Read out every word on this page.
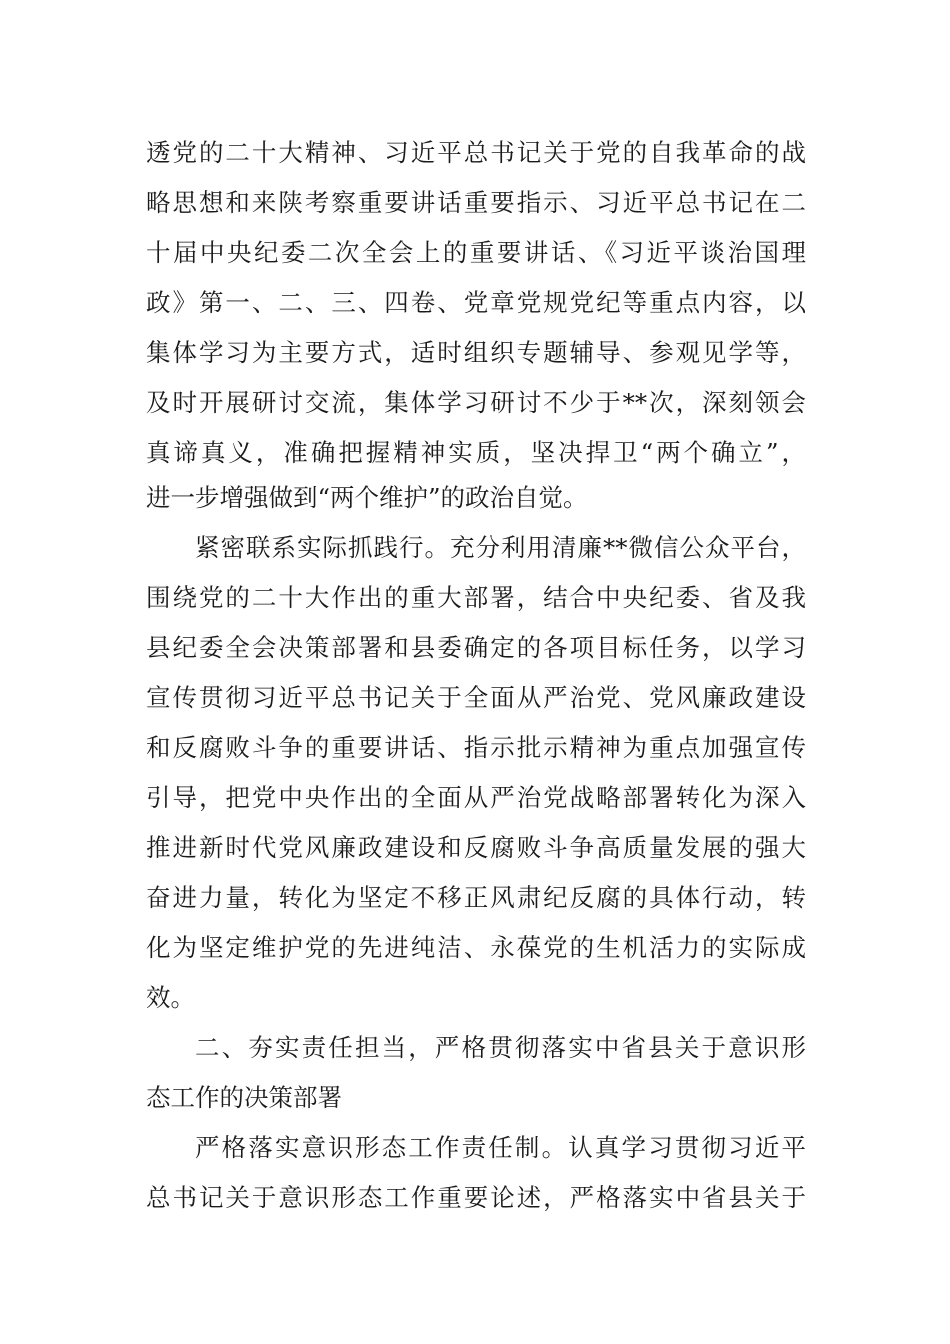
透党的二十大精神、习近平总书记关于党的自我革命的战
略思想和来陕考察重要讲话重要指示、习近平总书记在二
十届中央纪委二次全会上的重要讲话、《习近平谈治国理
政》第一、二、三、四卷、党章党规党纪等重点内容，以
集体学习为主要方式，适时组织专题辅导、参观见学等，
及时开展研讨交流，集体学习研讨不少于**次，深刻领会
真谛真义，准确把握精神实质，坚决捍卫“两个确立”，
进一步增强做到“两个维护”的政治自觉。
紧密联系实际抓践行。充分利用清廉**微信公众平台，
围绕党的二十大作出的重大部署，结合中央纪委、省及我
县纪委全会决策部署和县委确定的各项目标任务，以学习
宣传贯彻习近平总书记关于全面从严治党、党风廉政建设
和反腐败斗争的重要讲话、指示批示精神为重点加强宣传
引导，把党中央作出的全面从严治党战略部署转化为深入
推进新时代党风廉政建设和反腐败斗争高质量发展的强大
奋进力量，转化为坚定不移正风肃纪反腐的具体行动，转
化为坚定维护党的先进纯洁、永葆党的生机活力的实际成
效。
二、夯实责任担当，严格贯彻落实中省县关于意识形
态工作的决策部署
严格落实意识形态工作责任制。认真学习贯彻习近平
总书记关于意识形态工作重要论述，严格落实中省县关于
